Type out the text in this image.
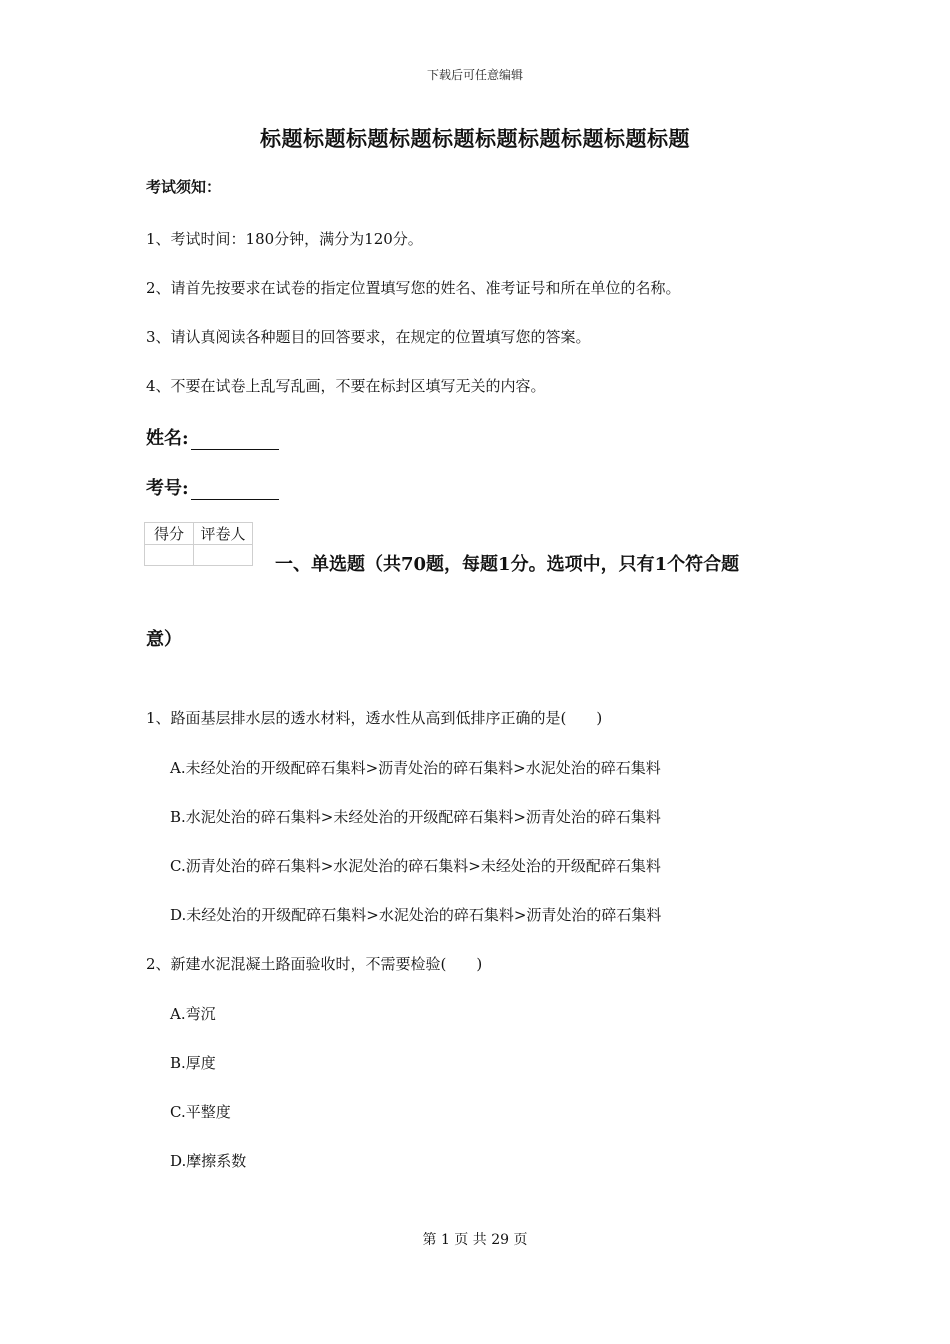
下载后可任意编辑
标题标题标题标题标题标题标题标题标题标题
考试须知：
1、考试时间：180分钟，满分为120分。
2、请首先按要求在试卷的指定位置填写您的姓名、准考证号和所在单位的名称。
3、请认真阅读各种题目的回答要求，在规定的位置填写您的答案。
4、不要在试卷上乱写乱画，不要在标封区填写无关的内容。
姓名:
考号:
得分	评卷人

一、单选题（共70题，每题1分。选项中，只有1个符合题
意）
1、路面基层排水层的透水材料，透水性从高到低排序正确的是(　　)
A.未经处治的开级配碎石集料>沥青处治的碎石集料>水泥处治的碎石集料
B.水泥处治的碎石集料>未经处治的开级配碎石集料>沥青处治的碎石集料
C.沥青处治的碎石集料>水泥处治的碎石集料>未经处治的开级配碎石集料
D.未经处治的开级配碎石集料>水泥处治的碎石集料>沥青处治的碎石集料
2、新建水泥混凝土路面验收时，不需要检验(　　)
A.弯沉
B.厚度
C.平整度
D.摩擦系数
第 1 页 共 29 页
